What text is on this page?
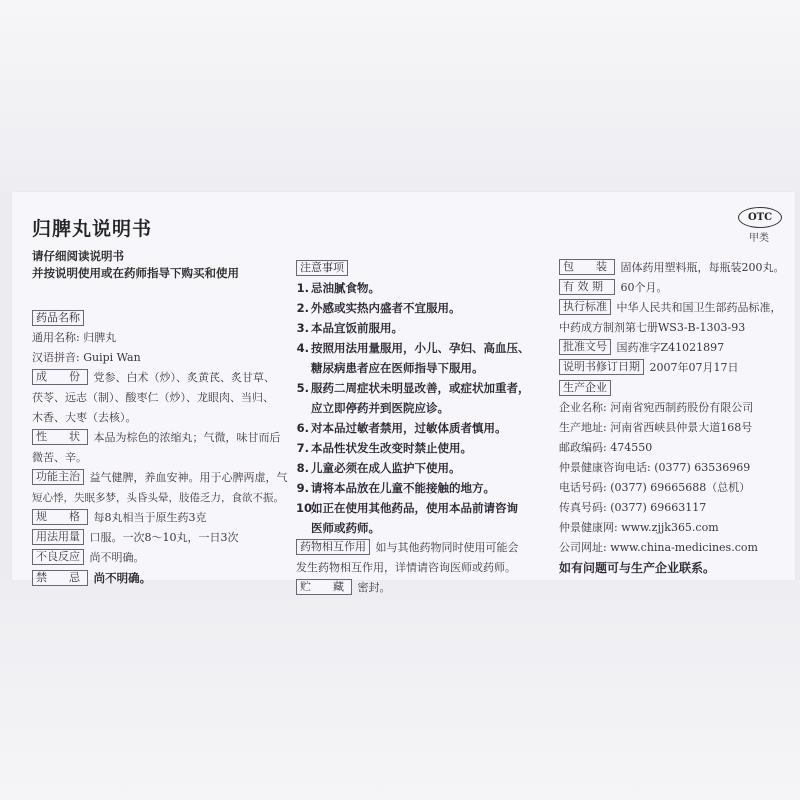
归脾丸说明书
OTC
甲类
请仔细阅读说明书
并按说明使用或在药师指导下购买和使用
药品名称
通用名称: 归脾丸
汉语拼音: Guipi Wan
成　　份 党参、白术（炒）、炙黄芪、炙甘草、
茯苓、远志（制）、酸枣仁（炒）、龙眼肉、当归、
木香、大枣（去核）。
性　　状 本品为棕色的浓缩丸；气微，味甘而后
微苦、辛。
功能主治 益气健脾，养血安神。用于心脾两虚，气
短心悸，失眠多梦，头昏头晕，肢倦乏力，食欲不振。
规　　格 每8丸相当于原生药3克
用法用量 口服。一次8～10丸，一日3次
不良反应 尚不明确。
禁　　忌 尚不明确。
注意事项
1. 忌油腻食物。
2. 外感或实热内盛者不宜服用。
3. 本品宜饭前服用。
4. 按照用法用量服用，小儿、孕妇、高血压、
糖尿病患者应在医师指导下服用。
5. 服药二周症状未明显改善，或症状加重者，
应立即停药并到医院应诊。
6. 对本品过敏者禁用，过敏体质者慎用。
7. 本品性状发生改变时禁止使用。
8. 儿童必须在成人监护下使用。
9. 请将本品放在儿童不能接触的地方。
10.如正在使用其他药品，使用本品前请咨询
医师或药师。
药物相互作用 如与其他药物同时使用可能会
发生药物相互作用，详情请咨询医师或药师。
贮　　藏 密封。
包　　装 固体药用塑料瓶，每瓶装200丸。
有 效 期 60个月。
执行标准 中华人民共和国卫生部药品标准，
中药成方制剂第七册WS3-B-1303-93
批准文号 国药准字Z41021897
说明书修订日期 2007年07月17日
生产企业
企业名称: 河南省宛西制药股份有限公司
生产地址: 河南省西峡县仲景大道168号
邮政编码: 474550
仲景健康咨询电话: (0377) 63536969
电话号码: (0377) 69665688（总机）
传真号码: (0377) 69663117
仲景健康网: www.zjjk365.com
公司网址: www.china-medicines.com
如有问题可与生产企业联系。
